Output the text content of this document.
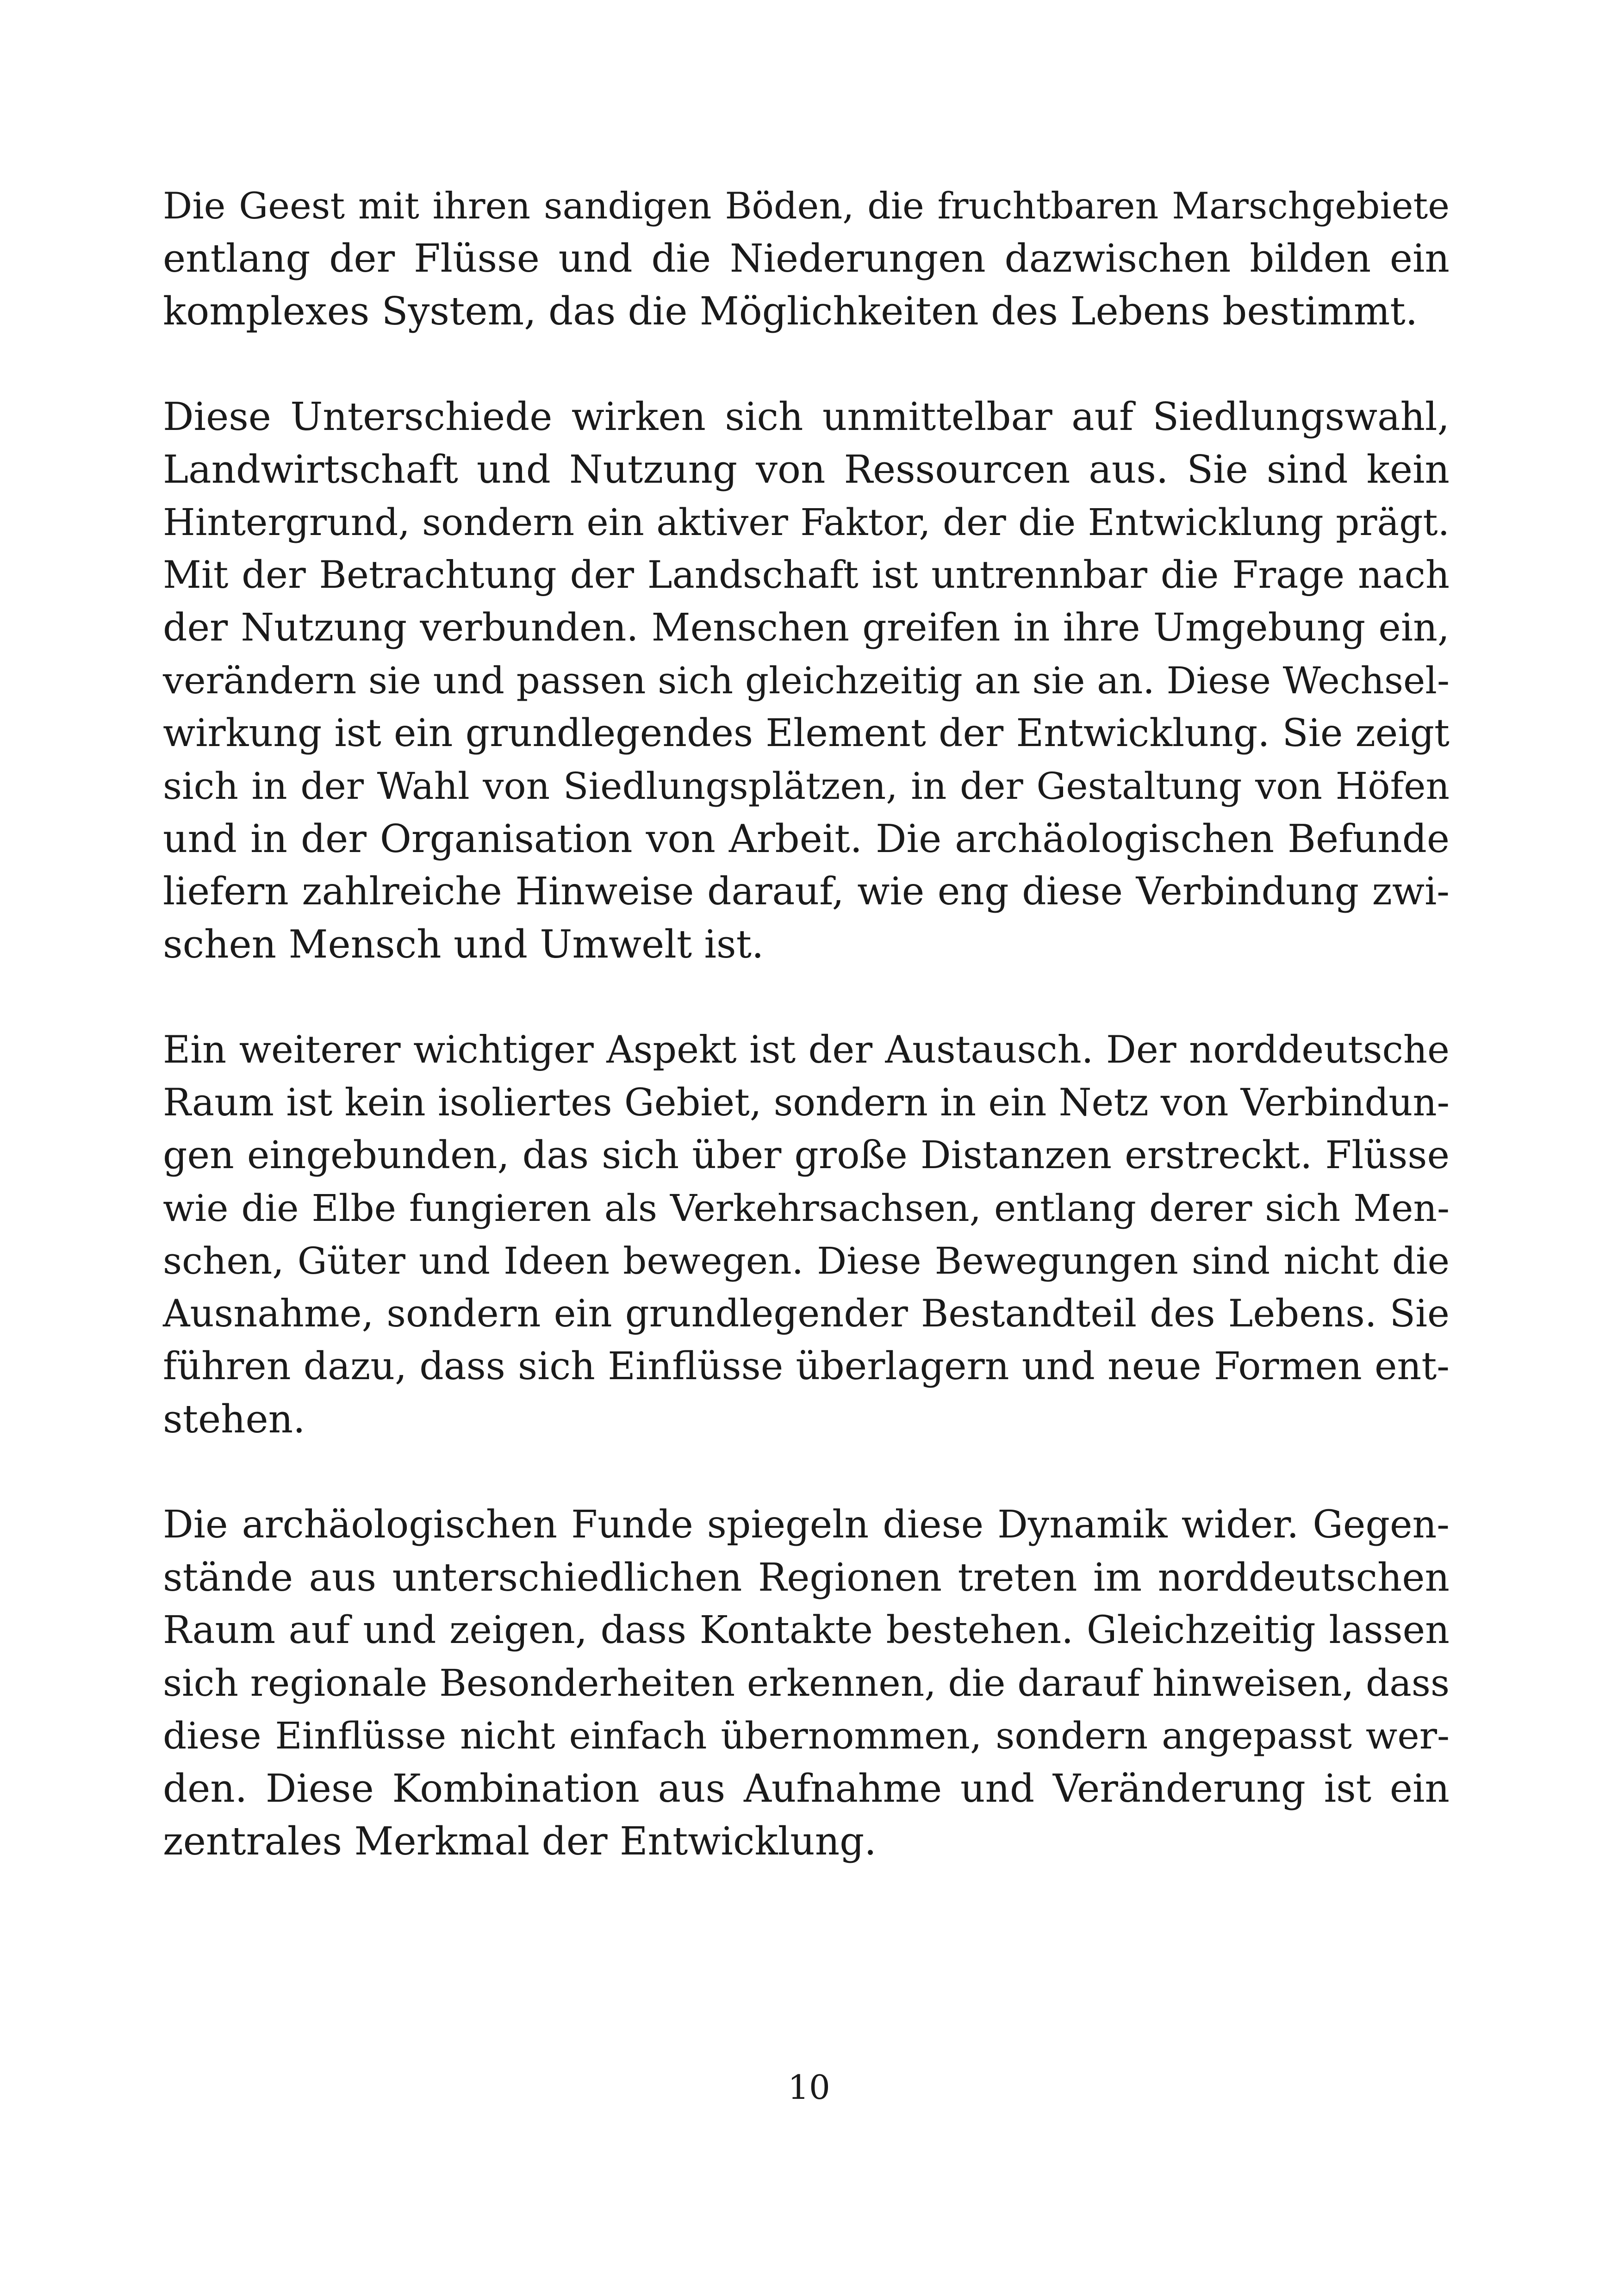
Die Geest mit ihren sandigen Böden, die fruchtbaren Marschgebiete
entlang der Flüsse und die Niederungen dazwischen bilden ein
komplexes System, das die Möglichkeiten des Lebens bestimmt.
Diese Unterschiede wirken sich unmittelbar auf Siedlungswahl,
Landwirtschaft und Nutzung von Ressourcen aus. Sie sind kein
Hintergrund, sondern ein aktiver Faktor, der die Entwicklung prägt.
Mit der Betrachtung der Landschaft ist untrennbar die Frage nach
der Nutzung verbunden. Menschen greifen in ihre Umgebung ein,
verändern sie und passen sich gleichzeitig an sie an. Diese Wechsel-
wirkung ist ein grundlegendes Element der Entwicklung. Sie zeigt
sich in der Wahl von Siedlungsplätzen, in der Gestaltung von Höfen
und in der Organisation von Arbeit. Die archäologischen Befunde
liefern zahlreiche Hinweise darauf, wie eng diese Verbindung zwi-
schen Mensch und Umwelt ist.
Ein weiterer wichtiger Aspekt ist der Austausch. Der norddeutsche
Raum ist kein isoliertes Gebiet, sondern in ein Netz von Verbindun-
gen eingebunden, das sich über große Distanzen erstreckt. Flüsse
wie die Elbe fungieren als Verkehrsachsen, entlang derer sich Men-
schen, Güter und Ideen bewegen. Diese Bewegungen sind nicht die
Ausnahme, sondern ein grundlegender Bestandteil des Lebens. Sie
führen dazu, dass sich Einflüsse überlagern und neue Formen ent-
stehen.
Die archäologischen Funde spiegeln diese Dynamik wider. Gegen-
stände aus unterschiedlichen Regionen treten im norddeutschen
Raum auf und zeigen, dass Kontakte bestehen. Gleichzeitig lassen
sich regionale Besonderheiten erkennen, die darauf hinweisen, dass
diese Einflüsse nicht einfach übernommen, sondern angepasst wer-
den. Diese Kombination aus Aufnahme und Veränderung ist ein
zentrales Merkmal der Entwicklung.
10
